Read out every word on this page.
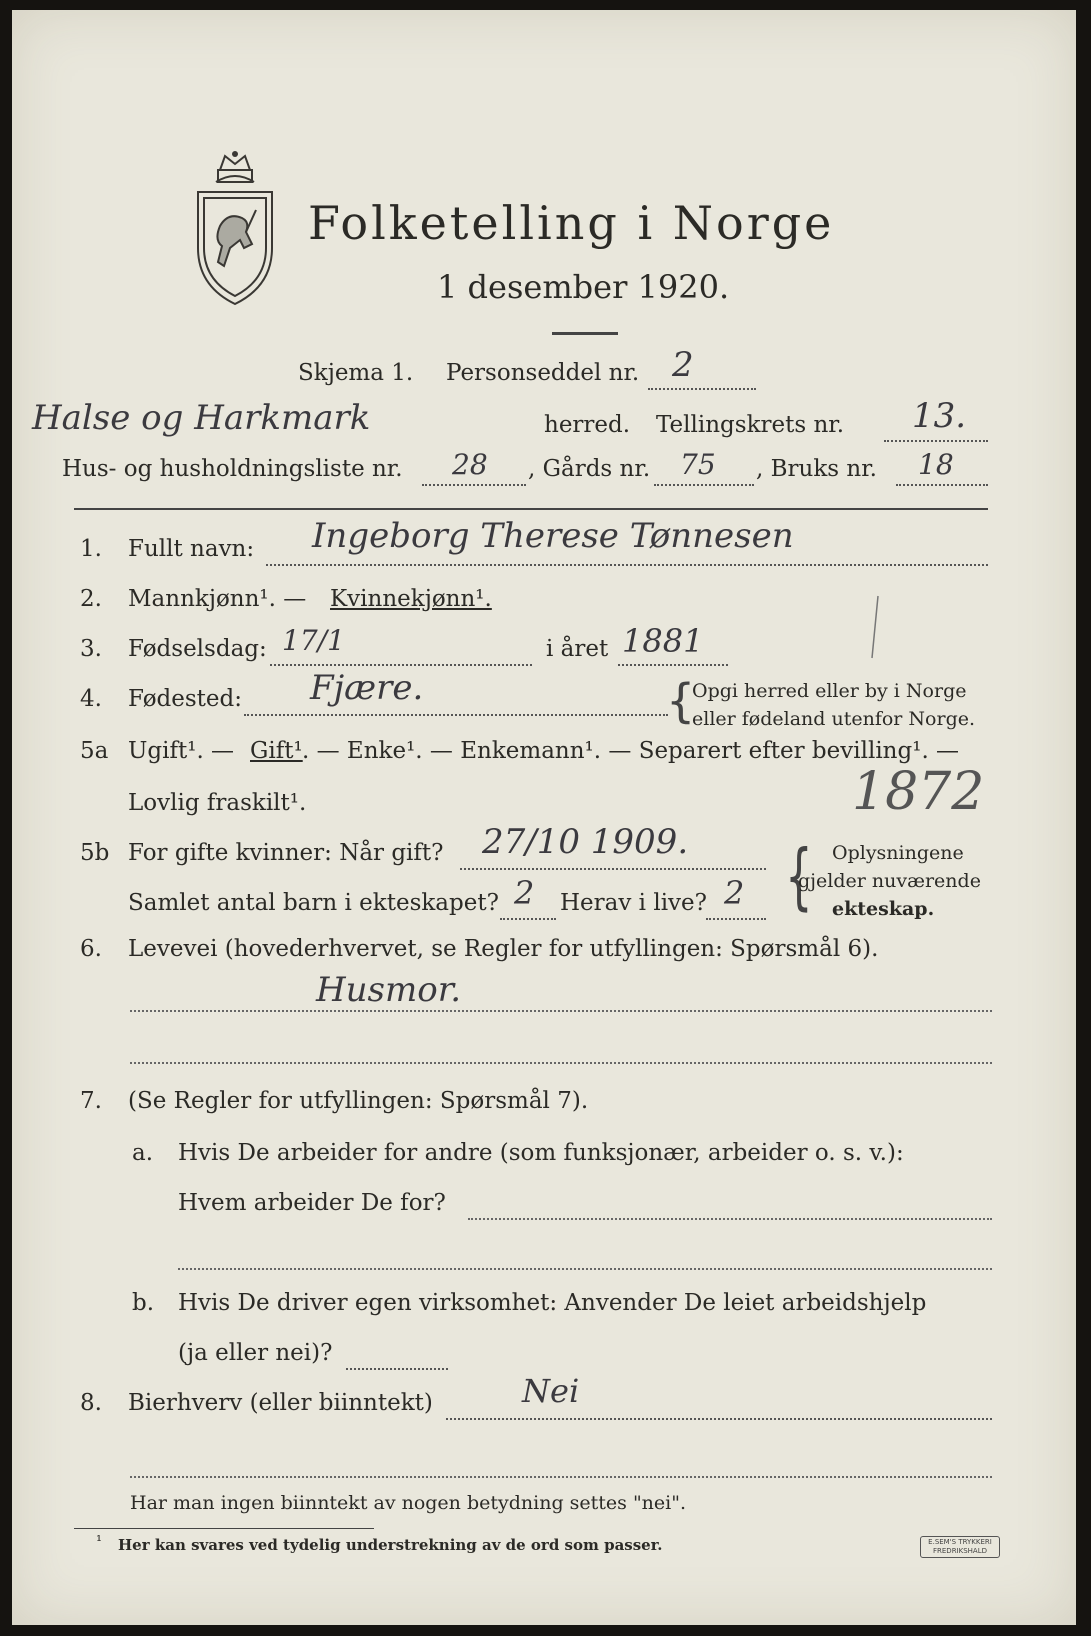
Folketelling i Norge
1 desember 1920.
Skjema 1. Personseddel nr. 2
Halse og Harkmark	herred. Tellingskrets nr. 13.
Hus- og husholdningsliste nr. 28 , Gårds nr. 75 , Bruks nr. 18
1. Fullt navn: Ingeborg Therese Tønnesen
2. Mannkjønn¹. — Kvinnekjønn¹.
3. Fødselsdag: 17/1	i året 1881
4. Fødested: Fjære.	{
Opgi herred eller by i Norge
eller fødeland utenfor Norge.
5a Ugift¹. — Gift¹ . — Enke¹. — Enkemann¹. — Separert efter bevilling¹. —
Lovlig fraskilt¹.	1872
5b For gifte kvinner: Når gift? 27/10 1909.
Samlet antal barn i ekteskapet? 2 Herav i live? 2 { Oplysningene
gjelder nuværende
ekteskap.
6. Levevei (hovederhvervet, se Regler for utfyllingen: Spørsmål 6).
Husmor.
7. (Se Regler for utfyllingen: Spørsmål 7).
a. Hvis De arbeider for andre (som funksjonær, arbeider o. s. v.):
Hvem arbeider De for?
b. Hvis De driver egen virksomhet: Anvender De leiet arbeidshjelp
(ja eller nei)?
8. Bierhverv (eller biinntekt)	Nei
Har man ingen biinntekt av nogen betydning settes "nei".
¹ Her kan svares ved tydelig understrekning av de ord som passer.	E.SEM'S TRYKKERI FREDRIKSHALD
